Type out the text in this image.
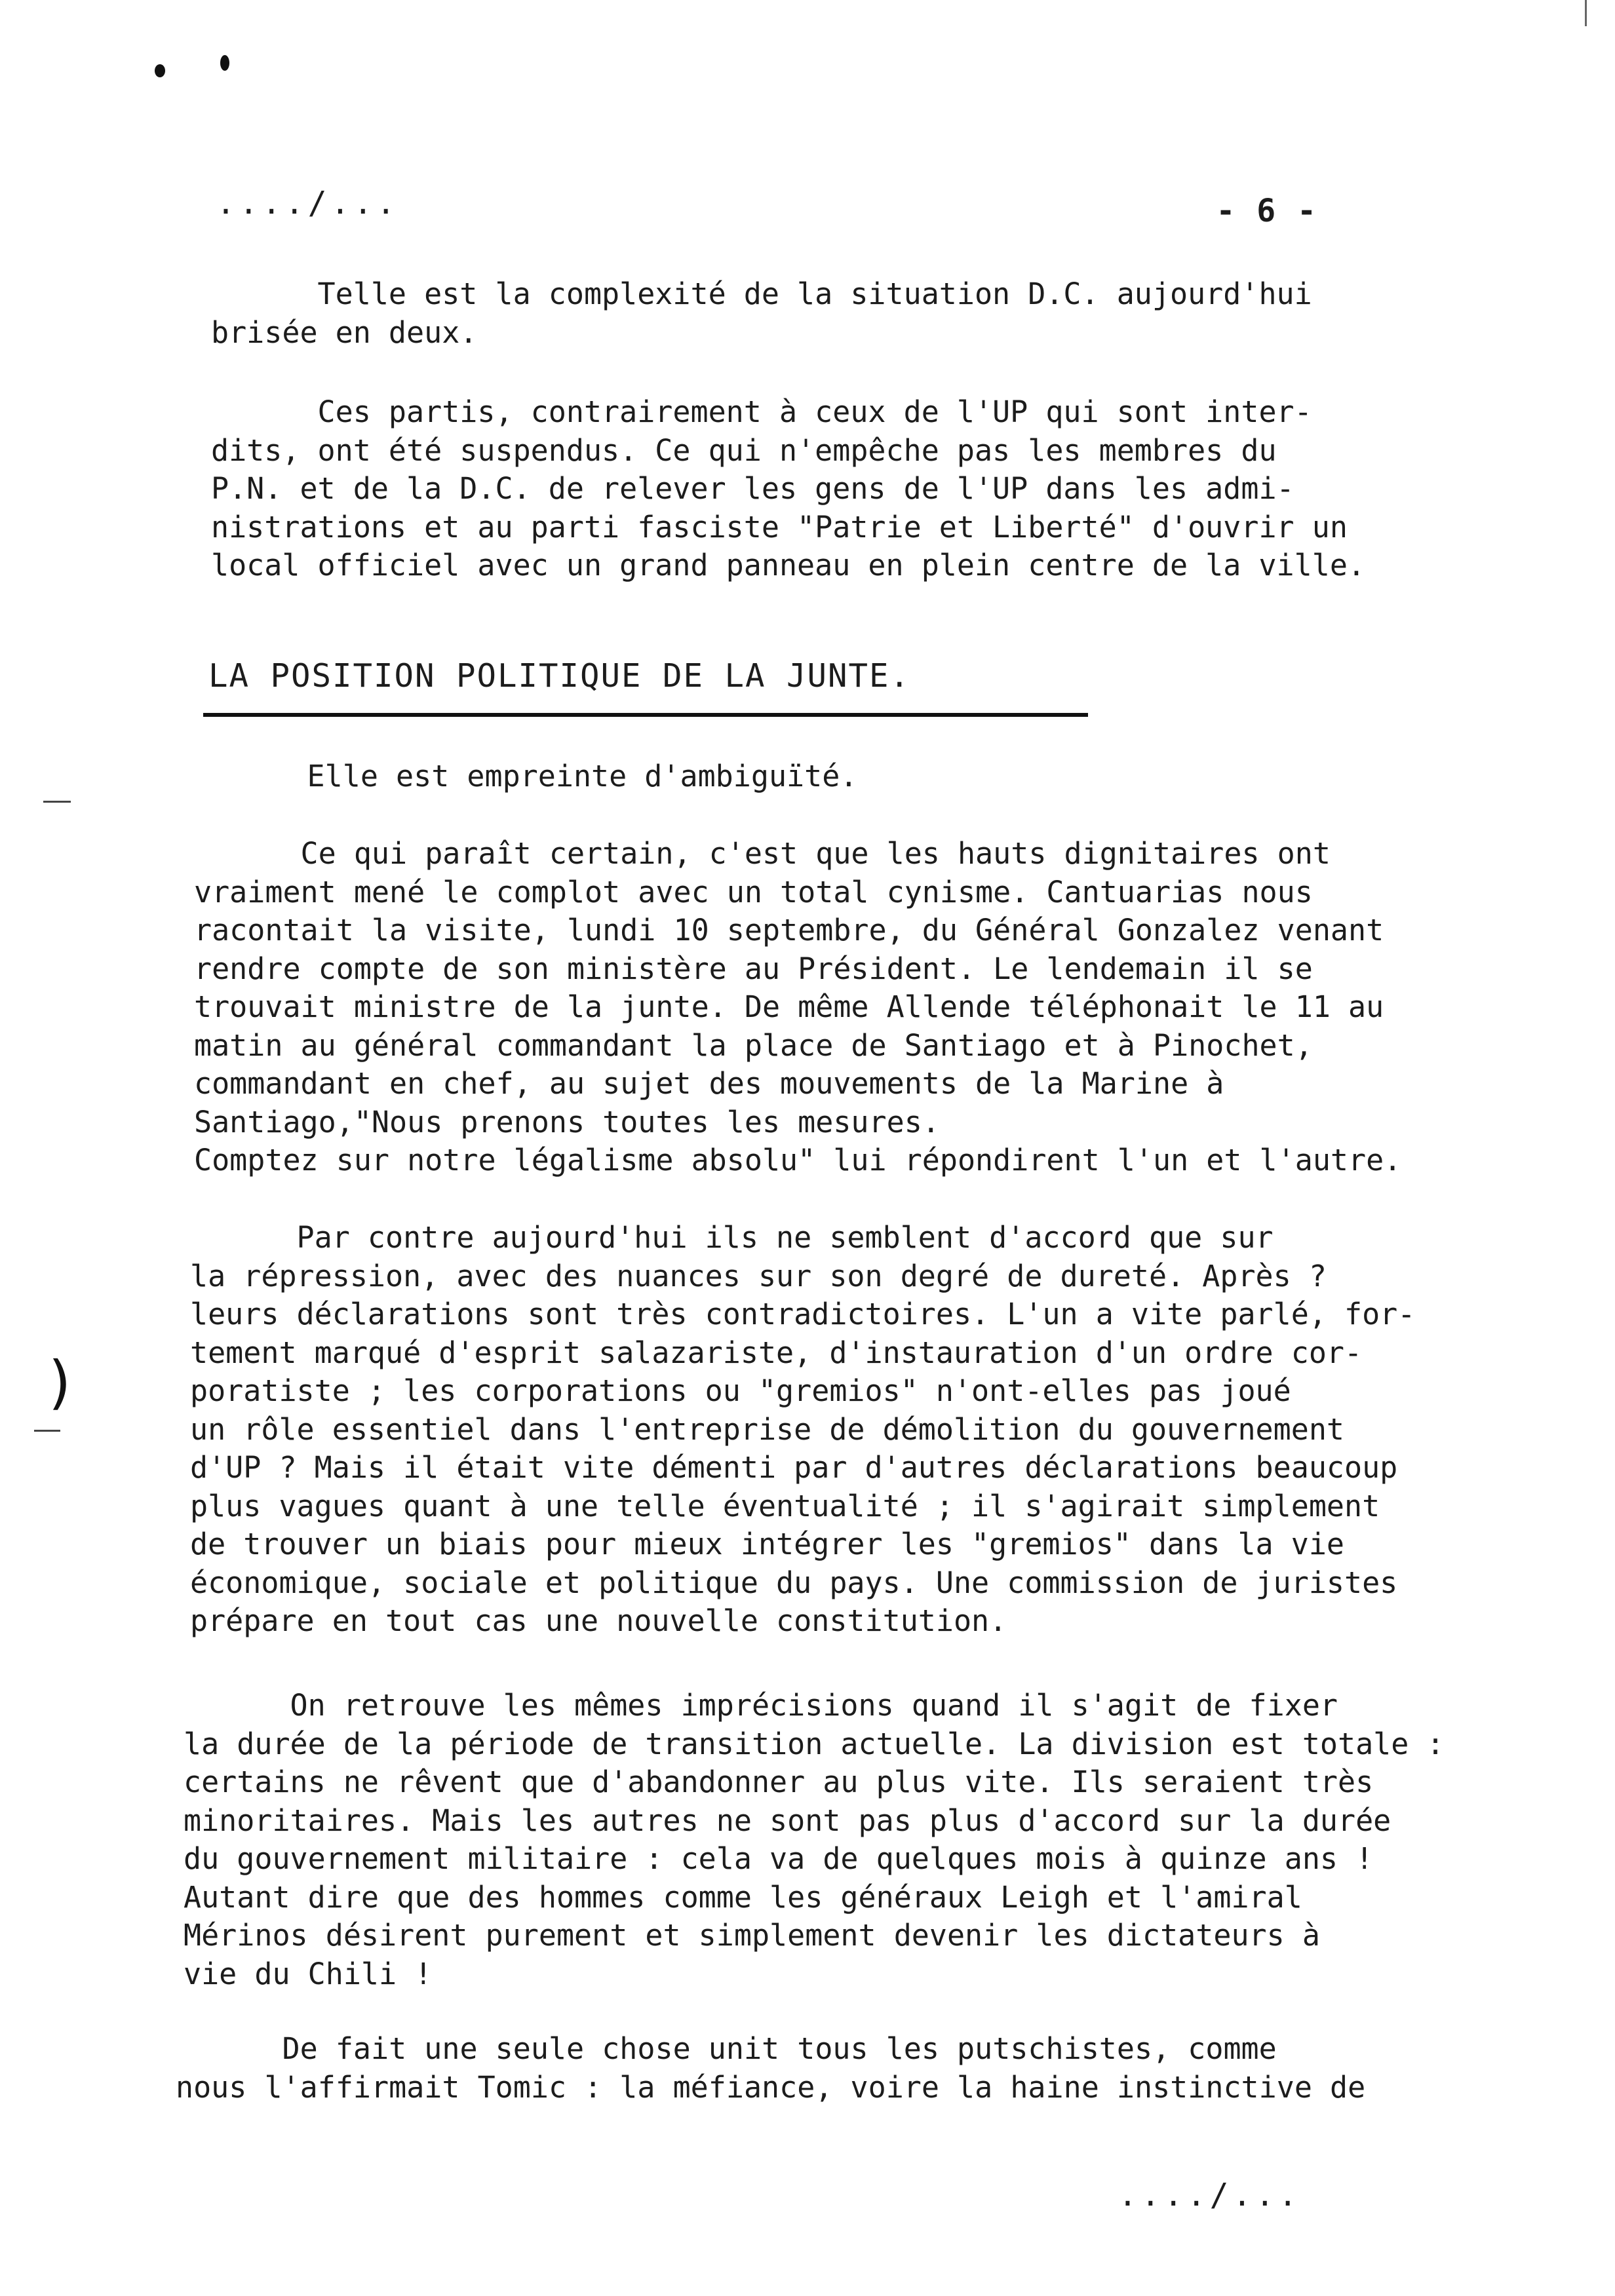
)
..../...	- 6 -
Telle est la complexité de la situation D.C. aujourd'hui
brisée en deux.
Ces partis, contrairement à ceux de l'UP qui sont inter-
dits, ont été suspendus. Ce qui n'empêche pas les membres du
P.N. et de la D.C. de relever les gens de l'UP dans les admi-
nistrations et au parti fasciste "Patrie et Liberté" d'ouvrir un
local officiel avec un grand panneau en plein centre de la ville.
LA POSITION POLITIQUE DE LA JUNTE.
Elle est empreinte d'ambiguïté.
Ce qui paraît certain, c'est que les hauts dignitaires ont
vraiment mené le complot avec un total cynisme. Cantuarias nous
racontait la visite, lundi 10 septembre, du Général Gonzalez venant
rendre compte de son ministère au Président. Le lendemain il se
trouvait ministre de la junte. De même Allende téléphonait le 11 au
matin au général commandant la place de Santiago et à Pinochet,
commandant en chef, au sujet des mouvements de la Marine à
Santiago,"Nous prenons toutes les mesures.
Comptez sur notre légalisme absolu" lui répondirent l'un et l'autre.
Par contre aujourd'hui ils ne semblent d'accord que sur
la répression, avec des nuances sur son degré de dureté. Après ?
leurs déclarations sont très contradictoires. L'un a vite parlé, for-
tement marqué d'esprit salazariste, d'instauration d'un ordre cor-
poratiste ; les corporations ou "gremios" n'ont-elles pas joué
un rôle essentiel dans l'entreprise de démolition du gouvernement
d'UP ? Mais il était vite démenti par d'autres déclarations beaucoup
plus vagues quant à une telle éventualité ; il s'agirait simplement
de trouver un biais pour mieux intégrer les "gremios" dans la vie
économique, sociale et politique du pays. Une commission de juristes
prépare en tout cas une nouvelle constitution.
On retrouve les mêmes imprécisions quand il s'agit de fixer
la durée de la période de transition actuelle. La division est totale :
certains ne rêvent que d'abandonner au plus vite. Ils seraient très
minoritaires. Mais les autres ne sont pas plus d'accord sur la durée
du gouvernement militaire : cela va de quelques mois à quinze ans !
Autant dire que des hommes comme les généraux Leigh et l'amiral
Mérinos désirent purement et simplement devenir les dictateurs à
vie du Chili !
De fait une seule chose unit tous les putschistes, comme
nous l'affirmait Tomic : la méfiance, voire la haine instinctive de
..../...
